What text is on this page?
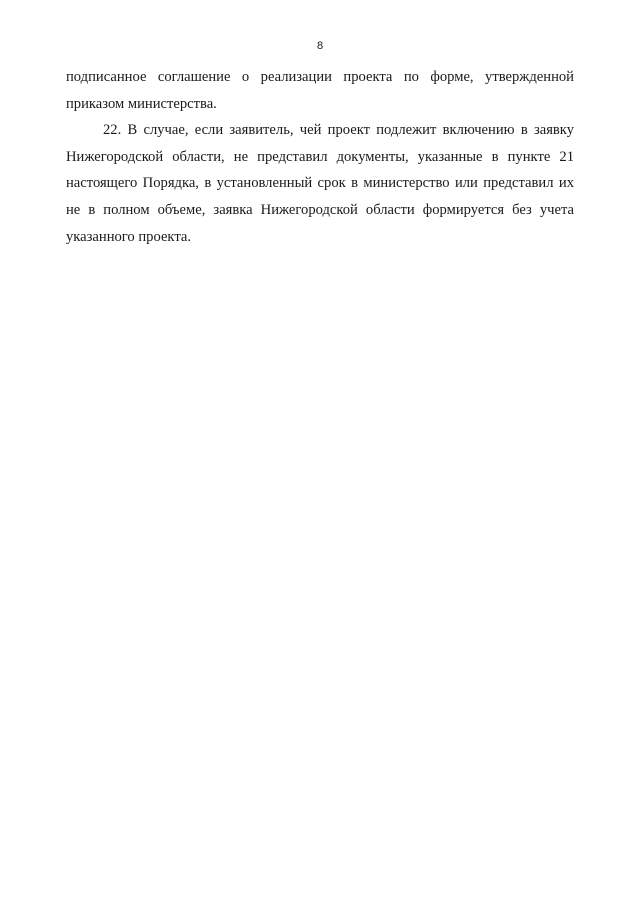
8

подписанное соглашение о реализации проекта по форме, утвержденной приказом министерства.

22. В случае, если заявитель, чей проект подлежит включению в заявку Нижегородской области, не представил документы, указанные в пункте 21 настоящего Порядка, в установленный срок в министерство или представил их не в полном объеме, заявка Нижегородской области формируется без учета указанного проекта.
